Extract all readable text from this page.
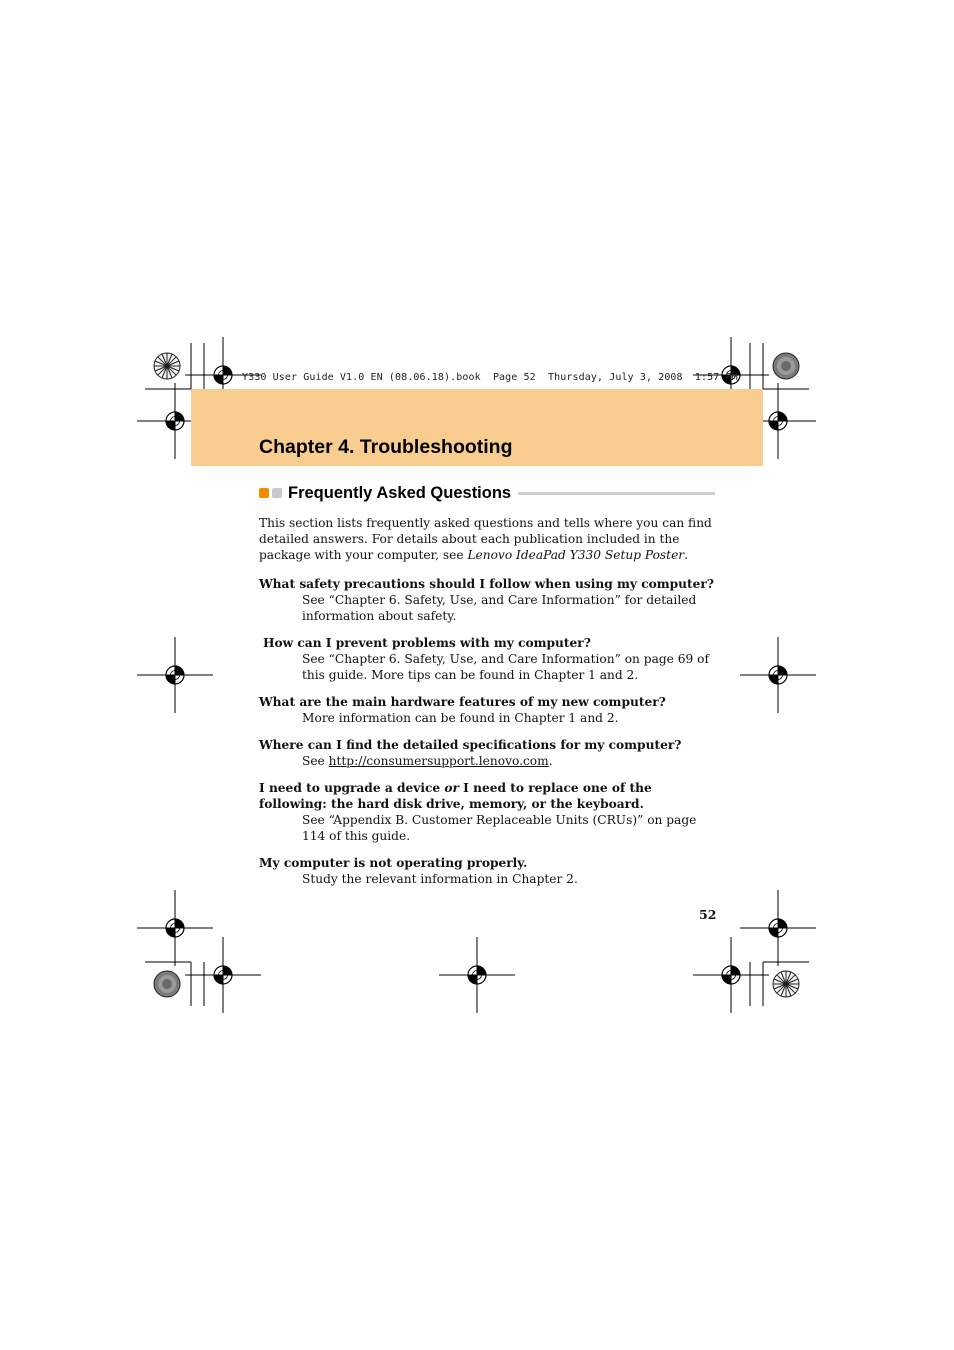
Y330 User Guide V1.0 EN (08.06.18).book  Page 52  Thursday, July 3, 2008  1:57 PM
Chapter 4. Troubleshooting
Frequently Asked Questions

This section lists frequently asked questions and tells where you can find detailed answers. For details about each publication included in the package with your computer, see Lenovo IdeaPad Y330 Setup Poster.

What safety precautions should I follow when using my computer?

See “Chapter 6. Safety, Use, and Care Information” for detailed information about safety.

How can I prevent problems with my computer?

See “Chapter 6. Safety, Use, and Care Information” on page 69 of this guide. More tips can be found in Chapter 1 and 2.

What are the main hardware features of my new computer?

More information can be found in Chapter 1 and 2.

Where can I find the detailed specifications for my computer?

See http://consumersupport.lenovo.com.

I need to upgrade a device or I need to replace one of the following: the hard disk drive, memory, or the keyboard.

See “Appendix B. Customer Replaceable Units (CRUs)” on page 114 of this guide.

My computer is not operating properly.

Study the relevant information in Chapter 2.

52
